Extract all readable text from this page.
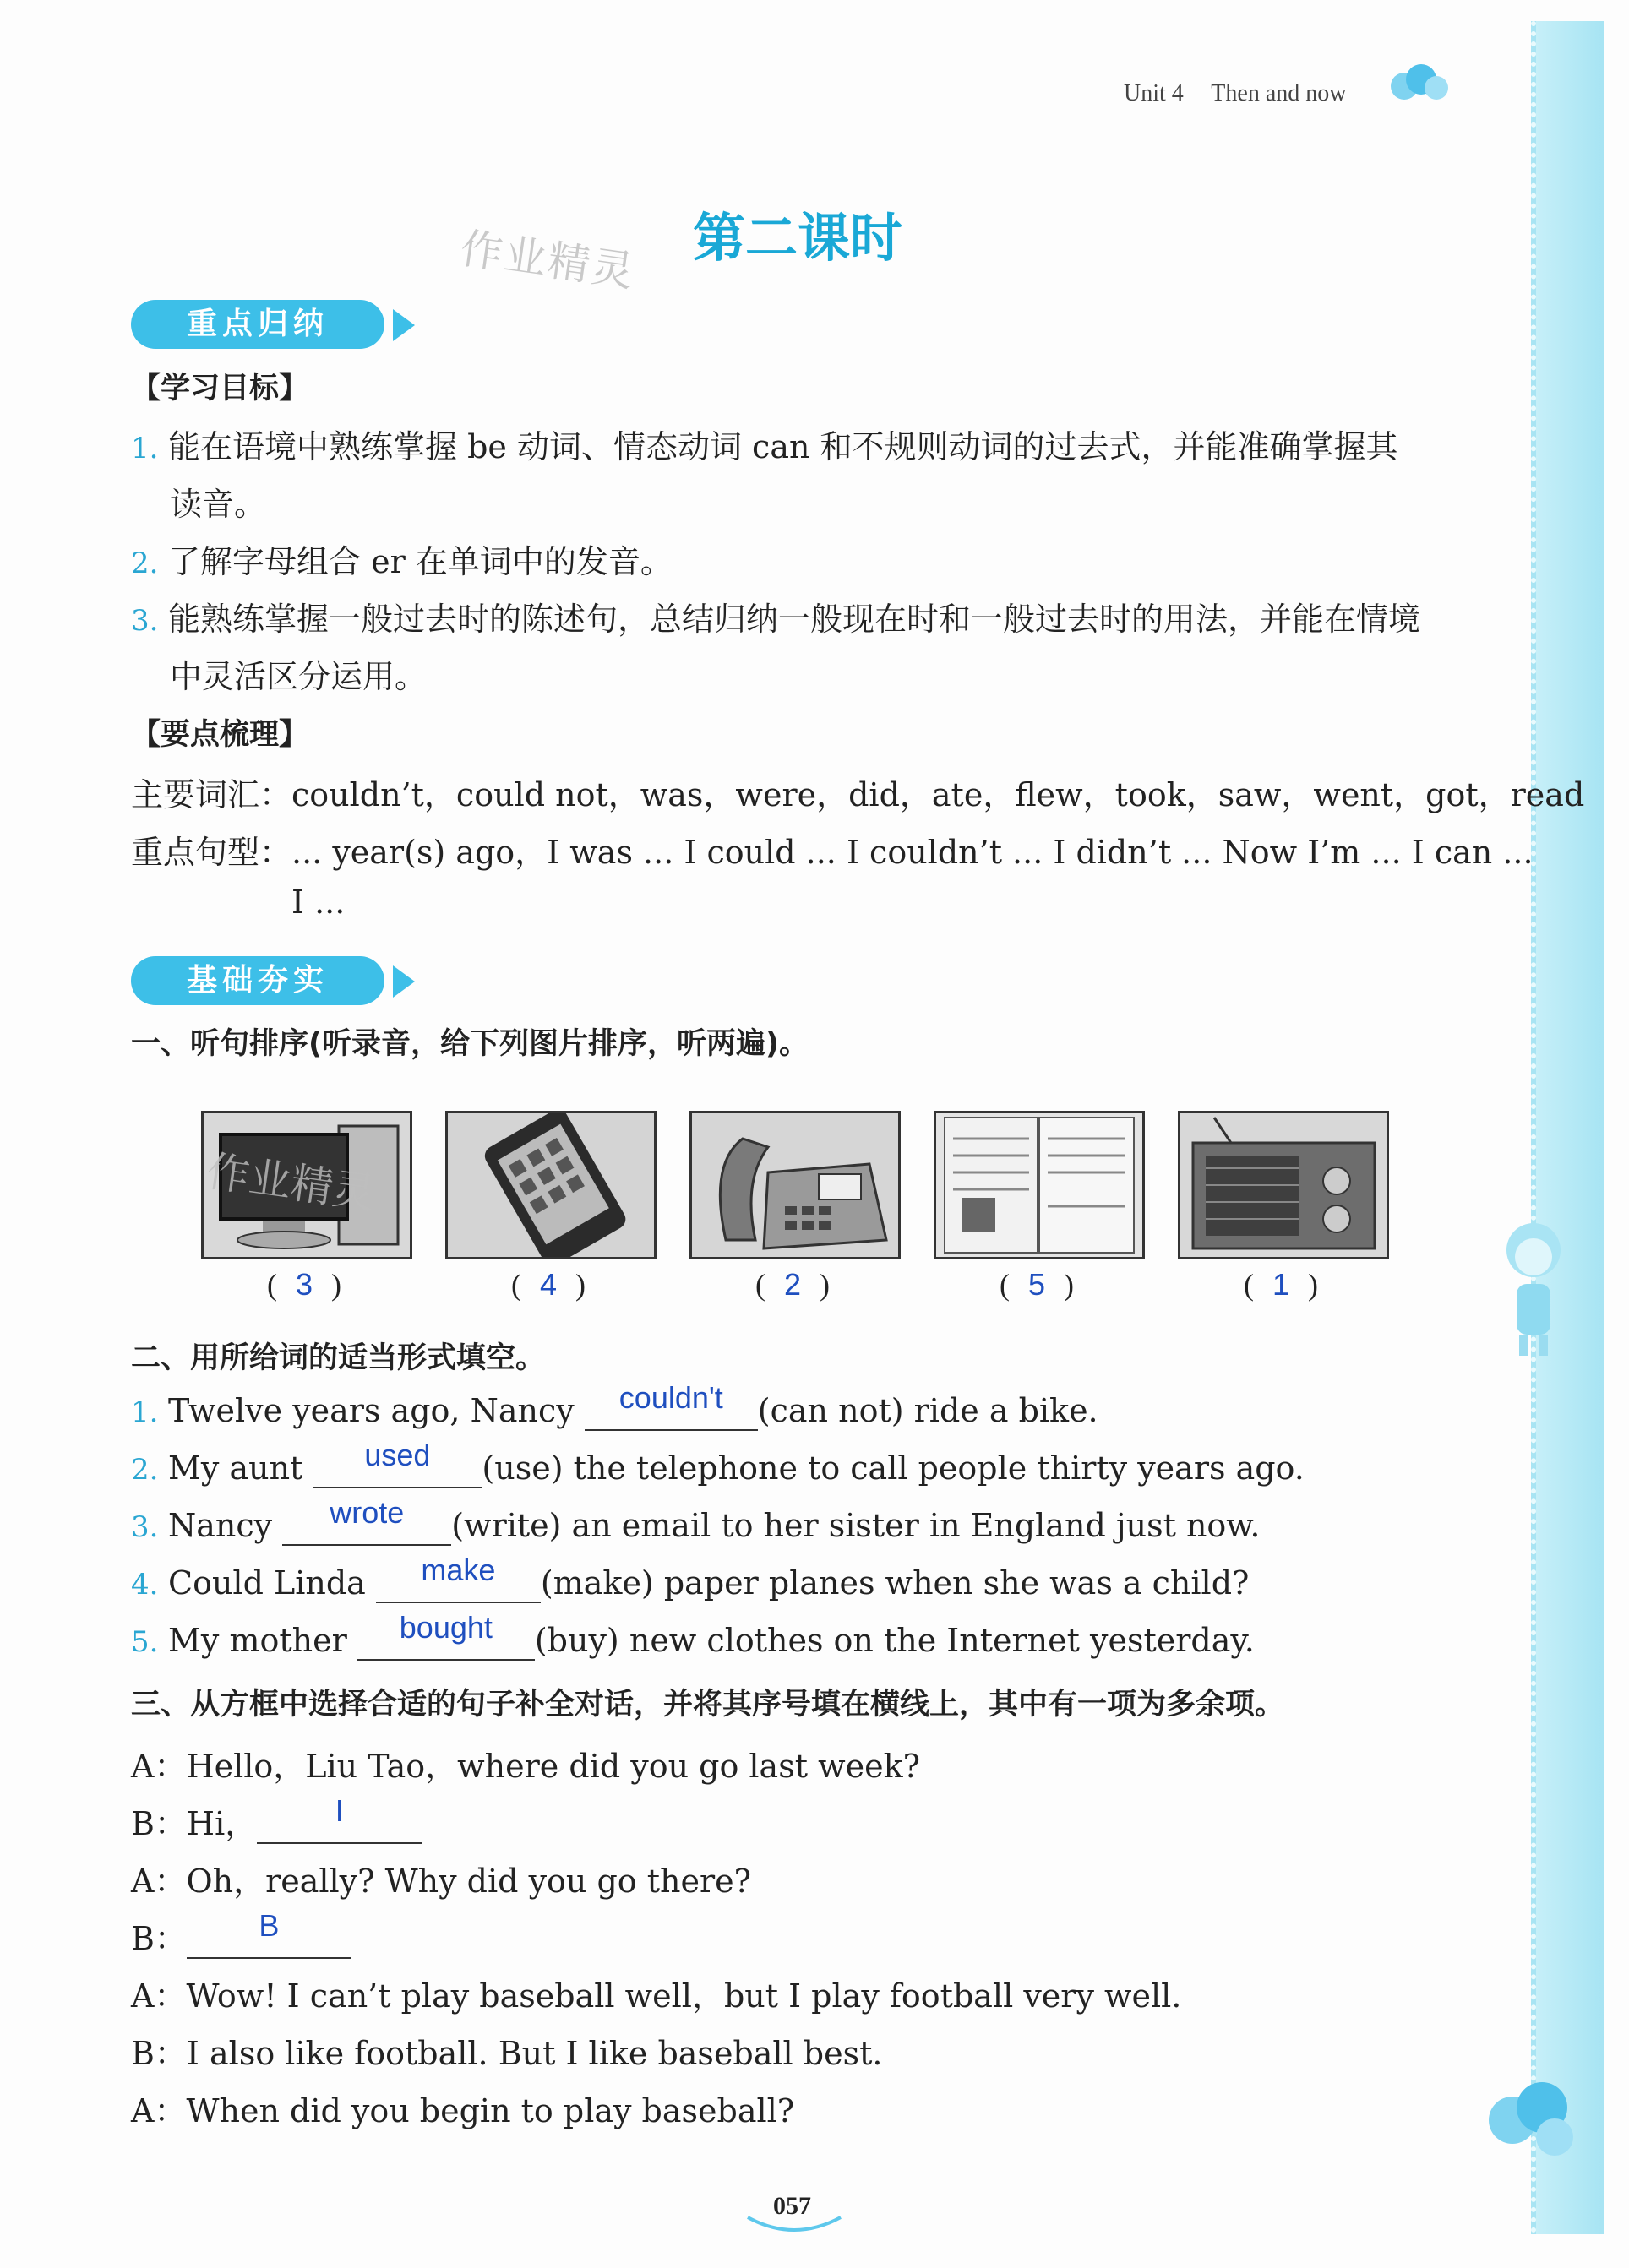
Unit 4 Then and now
作业精灵 第二课时
重点归纳
【学习目标】
1. 能在语境中熟练掌握 be 动词、情态动词 can 和不规则动词的过去式，并能准确掌握其
读音。
2. 了解字母组合 er 在单词中的发音。
3. 能熟练掌握一般过去时的陈述句，总结归纳一般现在时和一般过去时的用法，并能在情境
中灵活区分运用。
【要点梳理】
主要词汇：couldn’t，could not，was，were，did，ate，flew，took，saw，went，got，read
重点句型：... year(s) ago，I was ... I could ... I couldn’t ... I didn’t ... Now I’m ... I can ...
I ...
基础夯实
一、听句排序(听录音，给下列图片排序，听两遍)。
( 3 )	( 4 )	( 2 )	( 5 )	( 1 )
作业精灵
二、用所给词的适当形式填空。
1. Twelve years ago, Nancy couldn't (can not) ride a bike.
2. My aunt used (use) the telephone to call people thirty years ago.
3. Nancy wrote (write) an email to her sister in England just now.
4. Could Linda make (make) paper planes when she was a child?
5. My mother bought (buy) new clothes on the Internet yesterday.
三、从方框中选择合适的句子补全对话，并将其序号填在横线上，其中有一项为多余项。
A：Hello，Liu Tao，where did you go last week?
B：Hi，	I
A：Oh，really? Why did you go there?
B： B
A：Wow! I can’t play baseball well，but I play football very well.
B：I also like football. But I like baseball best.
A：When did you begin to play baseball?
057
